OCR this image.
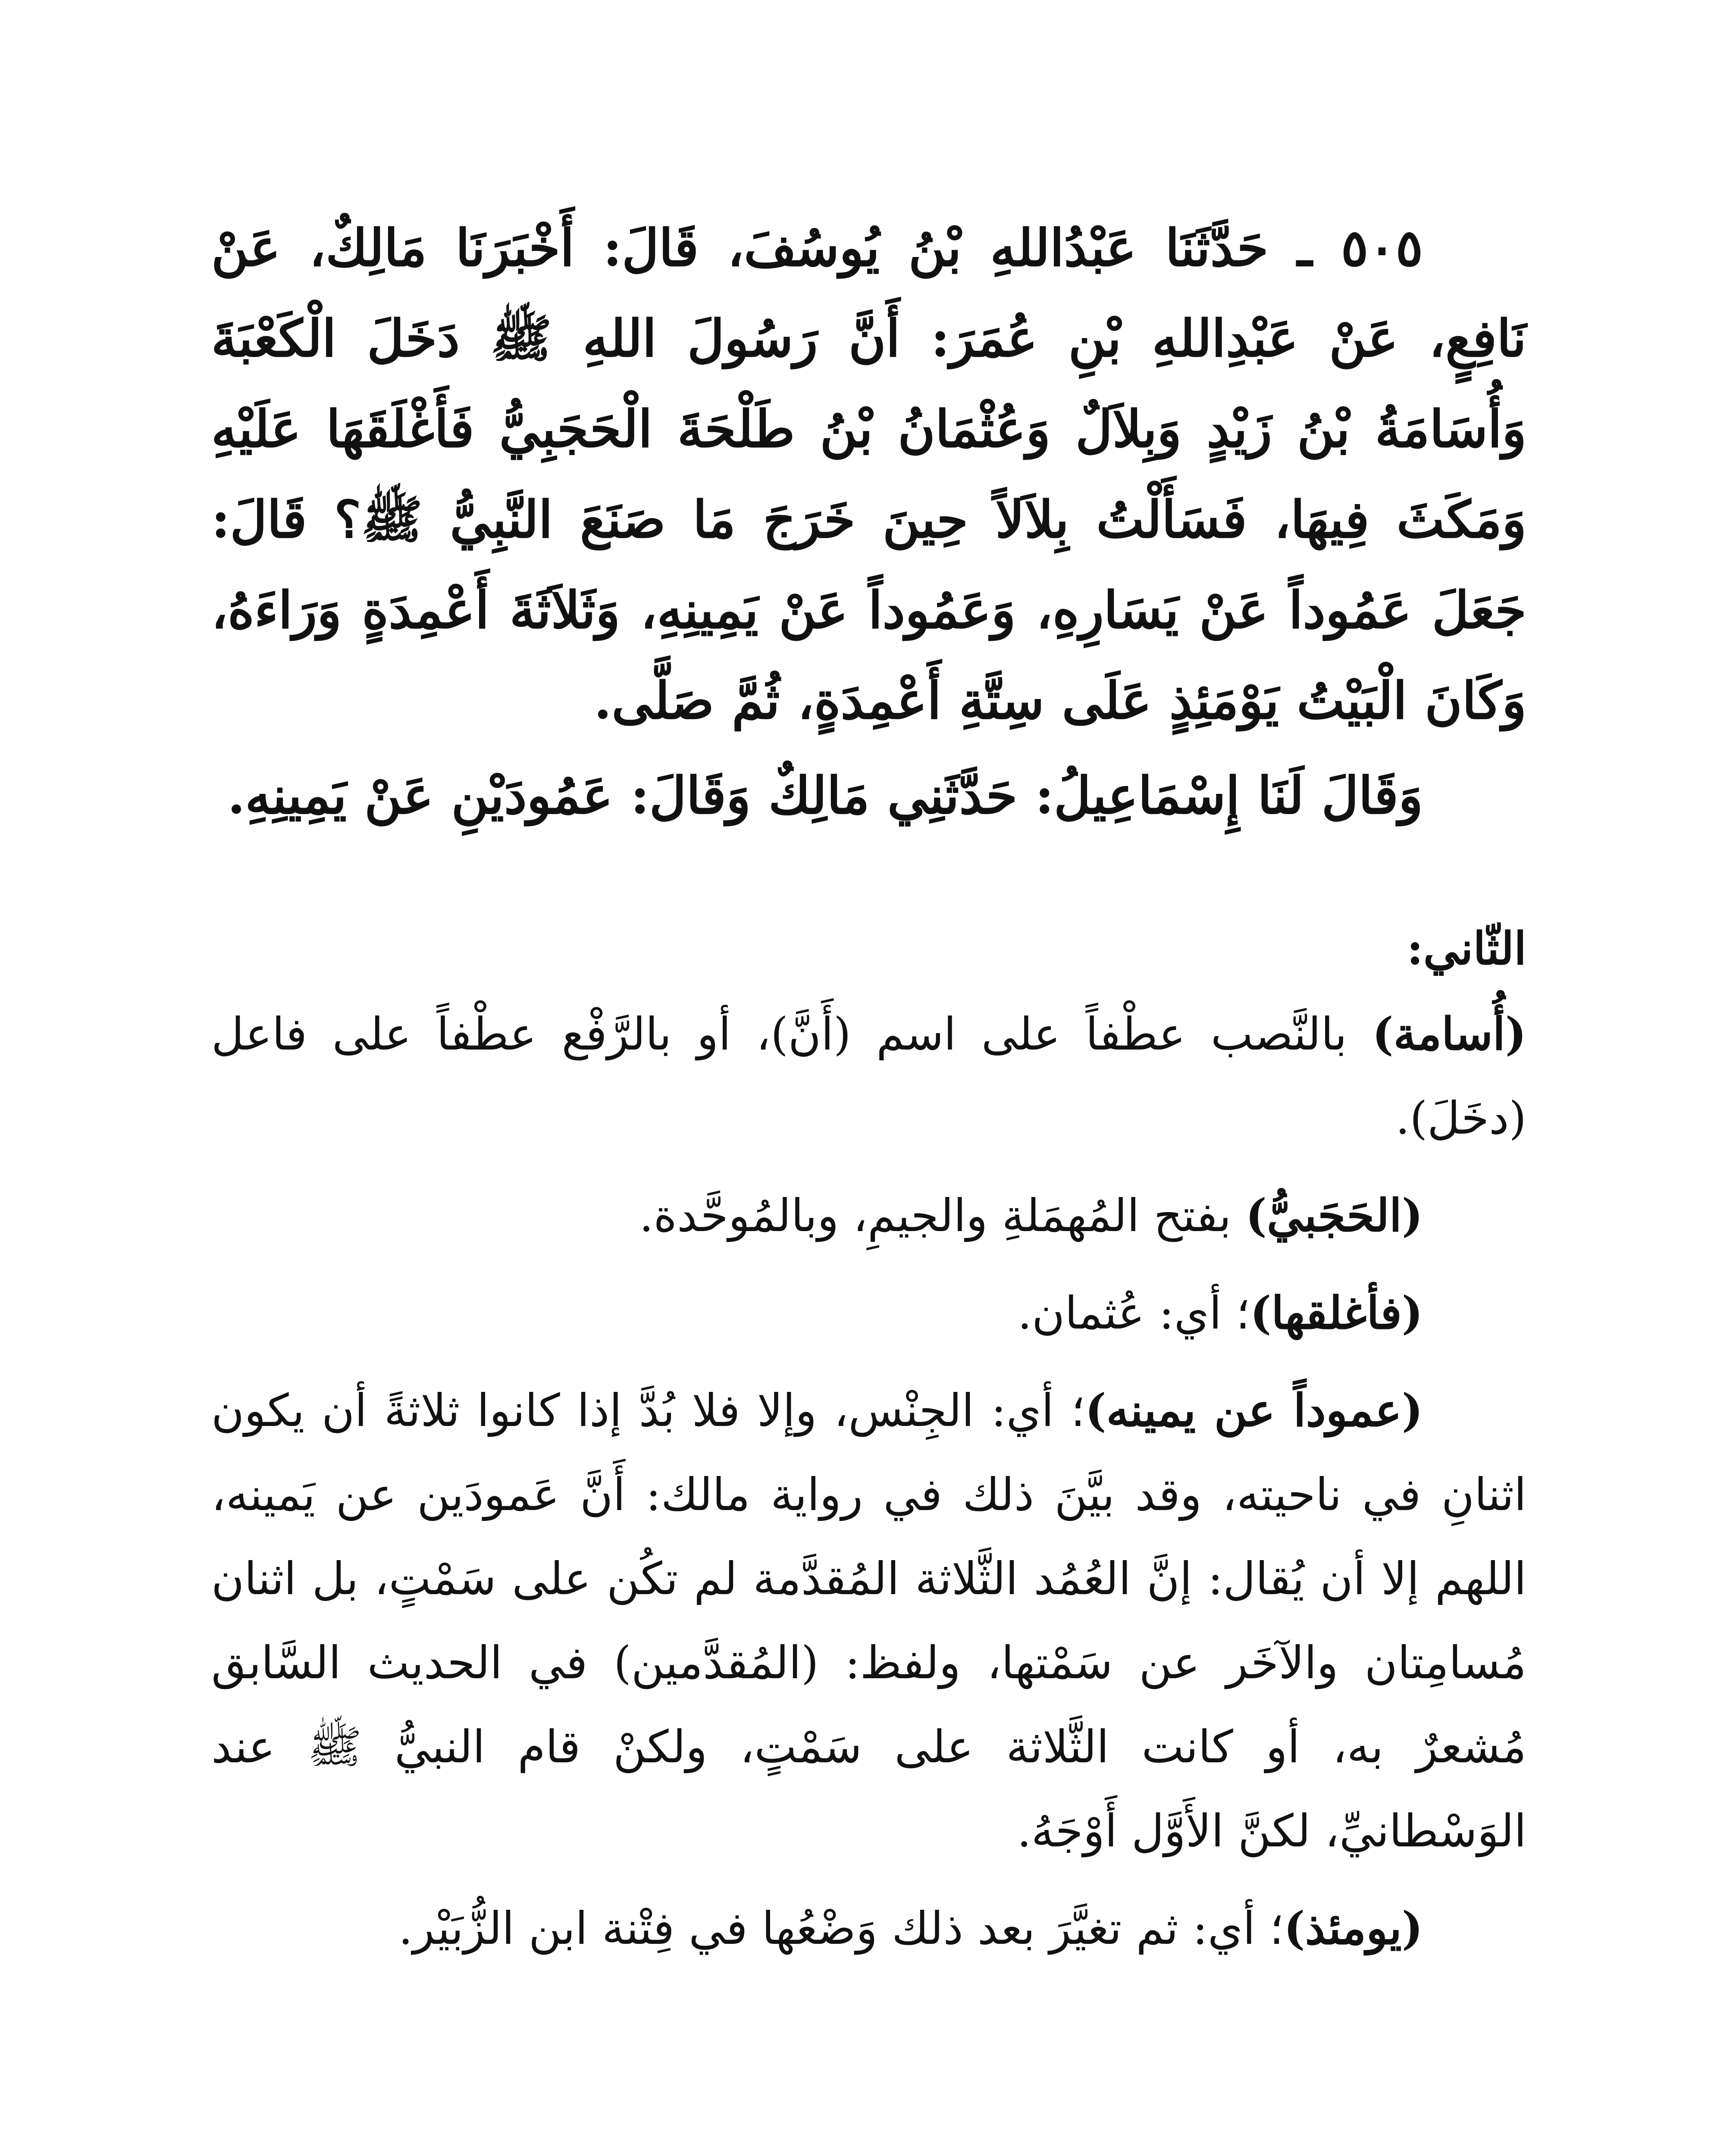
٥٠٥ ـ حَدَّثَنَا عَبْدُاللهِ بْنُ يُوسُفَ، قَالَ: أَخْبَرَنَا مَالِكٌ، عَنْ نَافِعٍ، عَنْ عَبْدِاللهِ بْنِ عُمَرَ: أَنَّ رَسُولَ اللهِ ﷺ دَخَلَ الْكَعْبَةَ وَأُسَامَةُ بْنُ زَيْدٍ وَبِلاَلٌ وَعُثْمَانُ بْنُ طَلْحَةَ الْحَجَبِيُّ فَأَغْلَقَهَا عَلَيْهِ وَمَكَثَ فِيهَا، فَسَأَلْتُ بِلاَلاً حِينَ خَرَجَ مَا صَنَعَ النَّبِيُّ ﷺ؟ قَالَ: جَعَلَ عَمُوداً عَنْ يَسَارِهِ، وَعَمُوداً عَنْ يَمِينِهِ، وَثَلاَثَةَ أَعْمِدَةٍ وَرَاءَهُ، وَكَانَ الْبَيْتُ يَوْمَئِذٍ عَلَى سِتَّةِ أَعْمِدَةٍ، ثُمَّ صَلَّى.

وَقَالَ لَنَا إِسْمَاعِيلُ: حَدَّثَنِي مَالِكٌ وَقَالَ: عَمُودَيْنِ عَنْ يَمِينِهِ.

الثّاني:

(أُسامة) بالنَّصب عطْفاً على اسم (أَنَّ)، أو بالرَّفْع عطْفاً على فاعل (دخَلَ).

(الحَجَبيُّ) بفتح المُهمَلةِ والجيمِ، وبالمُوحَّدة.

(فأغلقها)؛ أي: عُثمان.

(عموداً عن يمينه)؛ أي: الجِنْس، وإلا فلا بُدَّ إذا كانوا ثلاثةً أن يكون اثنانِ في ناحيته، وقد بيَّنَ ذلك في رواية مالك: أَنَّ عَمودَين عن يَمينه، اللهم إلا أن يُقال: إنَّ العُمُد الثَّلاثة المُقدَّمة لم تكُن على سَمْتٍ، بل اثنان مُسامِتان والآخَر عن سَمْتها، ولفظ: (المُقدَّمين) في الحديث السَّابق مُشعرٌ به، أو كانت الثَّلاثة على سَمْتٍ، ولكنْ قام النبيُّ ﷺ عند الوَسْطانيِّ، لكنَّ الأَوَّل أَوْجَهُ.

(يومئذ)؛ أي: ثم تغيَّرَ بعد ذلك وَضْعُها في فِتْنة ابن الزُّبَيْر.
